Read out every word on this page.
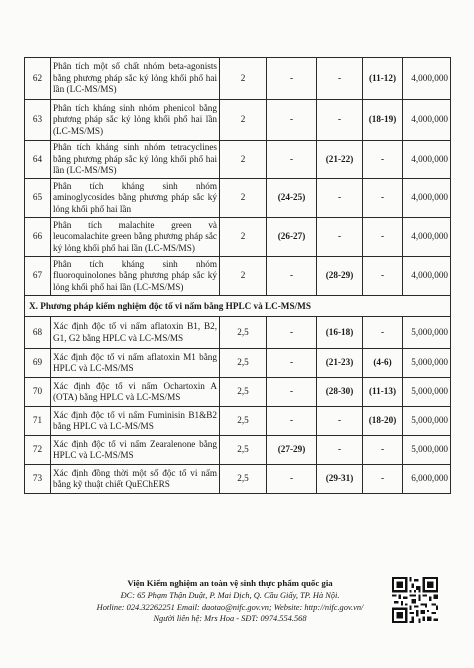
62	Phân tích một số chất nhóm beta-agonists bằng phương pháp sắc ký lỏng khối phổ hai lần (LC-MS/MS)	2	-	-	(11-12)	4,000,000
63	Phân tích kháng sinh nhóm phenicol bằng phương pháp sắc ký lỏng khối phổ hai lần (LC-MS/MS)	2	-	-	(18-19)	4,000,000
64	Phân tích kháng sinh nhóm tetracyclines bằng phương pháp sắc ký lỏng khối phổ hai lần (LC-MS/MS)	2	-	(21-22)	-	4,000,000
65	Phân tích kháng sinh nhóm aminoglycosides bằng phương pháp sắc ký lỏng khối phổ hai lần	2	(24-25)	-	-	4,000,000
66	Phân tích malachite green và leucomalachite green bằng phương pháp sắc ký lỏng khối phổ hai lần (LC-MS/MS)	2	(26-27)	-	-	4,000,000
67	Phân tích kháng sinh nhóm fluoroquinolones bằng phương pháp sắc ký lỏng khối phổ hai lần (LC-MS/MS)	2	-	(28-29)	-	4,000,000
X. Phương pháp kiểm nghiệm độc tố vi nấm bằng HPLC và LC-MS/MS						
68	Xác định độc tố vi nấm aflatoxin B1, B2, G1, G2 bằng HPLC và LC-MS/MS	2,5	-	(16-18)	-	5,000,000
69	Xác định độc tố vi nấm aflatoxin M1 bằng HPLC và LC-MS/MS	2,5	-	(21-23)	(4-6)	5,000,000
70	Xác định độc tố vi nấm Ochartoxin A (OTA) bằng HPLC và LC-MS/MS	2,5	-	(28-30)	(11-13)	5,000,000
71	Xác định độc tố vi nấm Fuminisin B1&B2 bằng HPLC và LC-MS/MS	2,5	-	-	(18-20)	5,000,000
72	Xác định độc tố vi nấm Zearalenone bằng HPLC và LC-MS/MS	2,5	(27-29)	-	-	5,000,000
73	Xác định đồng thời một số độc tố vi nấm bằng kỹ thuật chiết QuEChERS	2,5	-	(29-31)	-	6,000,000
Viện Kiểm nghiệm an toàn vệ sinh thực phẩm quốc gia
ĐC: 65 Phạm Thận Duật, P. Mai Dịch, Q. Cầu Giấy, TP. Hà Nội.
Hotline: 024.32262251 Email: daotao@nifc.gov.vn; Website: http://nifc.gov.vn/
Người liên hệ: Mrs Hoa - SĐT: 0974.554.568
